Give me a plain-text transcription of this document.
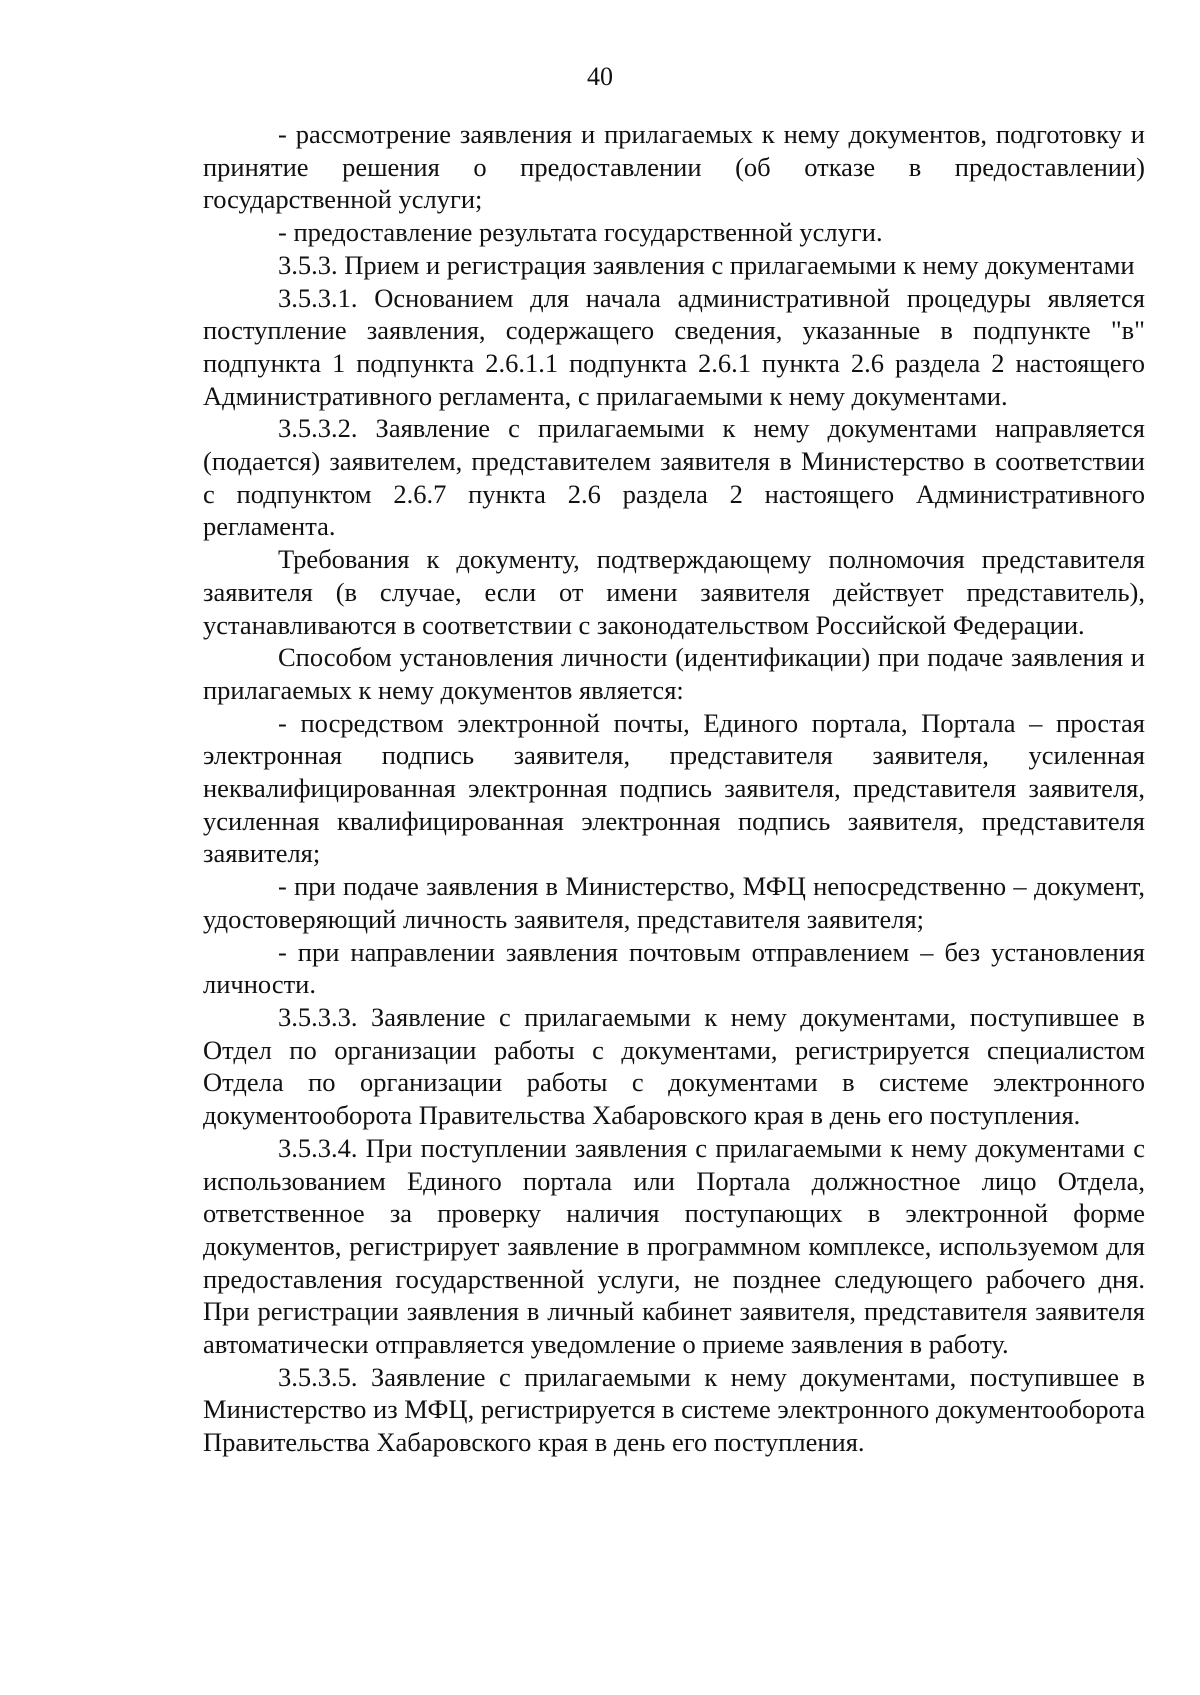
40

- рассмотрение заявления и прилагаемых к нему документов, подготовку и принятие решения о предоставлении (об отказе в предоставлении) государственной услуги;

- предоставление результата государственной услуги.

3.5.3. Прием и регистрация заявления с прилагаемыми к нему документами

3.5.3.1. Основанием для начала административной процедуры является поступление заявления, содержащего сведения, указанные в подпункте "в" подпункта 1 подпункта 2.6.1.1 подпункта 2.6.1 пункта 2.6 раздела 2 настоящего Административного регламента, с прилагаемыми к нему документами.

3.5.3.2. Заявление с прилагаемыми к нему документами направляется (подается) заявителем, представителем заявителя в Министерство в соответствии с подпунктом 2.6.7 пункта 2.6 раздела 2 настоящего Административного регламента.

Требования к документу, подтверждающему полномочия представителя заявителя (в случае, если от имени заявителя действует представитель), устанавливаются в соответствии с законодательством Российской Федерации.

Способом установления личности (идентификации) при подаче заявления и прилагаемых к нему документов является:

- посредством электронной почты, Единого портала, Портала – простая электронная подпись заявителя, представителя заявителя, усиленная неквалифицированная электронная подпись заявителя, представителя заявителя, усиленная квалифицированная электронная подпись заявителя, представителя заявителя;

- при подаче заявления в Министерство, МФЦ непосредственно – документ, удостоверяющий личность заявителя, представителя заявителя;

- при направлении заявления почтовым отправлением – без установления личности.

3.5.3.3. Заявление с прилагаемыми к нему документами, поступившее в Отдел по организации работы с документами, регистрируется специалистом Отдела по организации работы с документами в системе электронного документооборота Правительства Хабаровского края в день его поступления.

3.5.3.4. При поступлении заявления с прилагаемыми к нему документами с использованием Единого портала или Портала должностное лицо Отдела, ответственное за проверку наличия поступающих в электронной форме документов, регистрирует заявление в программном комплексе, используемом для предоставления государственной услуги, не позднее следующего рабочего дня. При регистрации заявления в личный кабинет заявителя, представителя заявителя автоматически отправляется уведомление о приеме заявления в работу.

3.5.3.5. Заявление с прилагаемыми к нему документами, поступившее в Министерство из МФЦ, регистрируется в системе электронного документооборота Правительства Хабаровского края в день его поступления.
